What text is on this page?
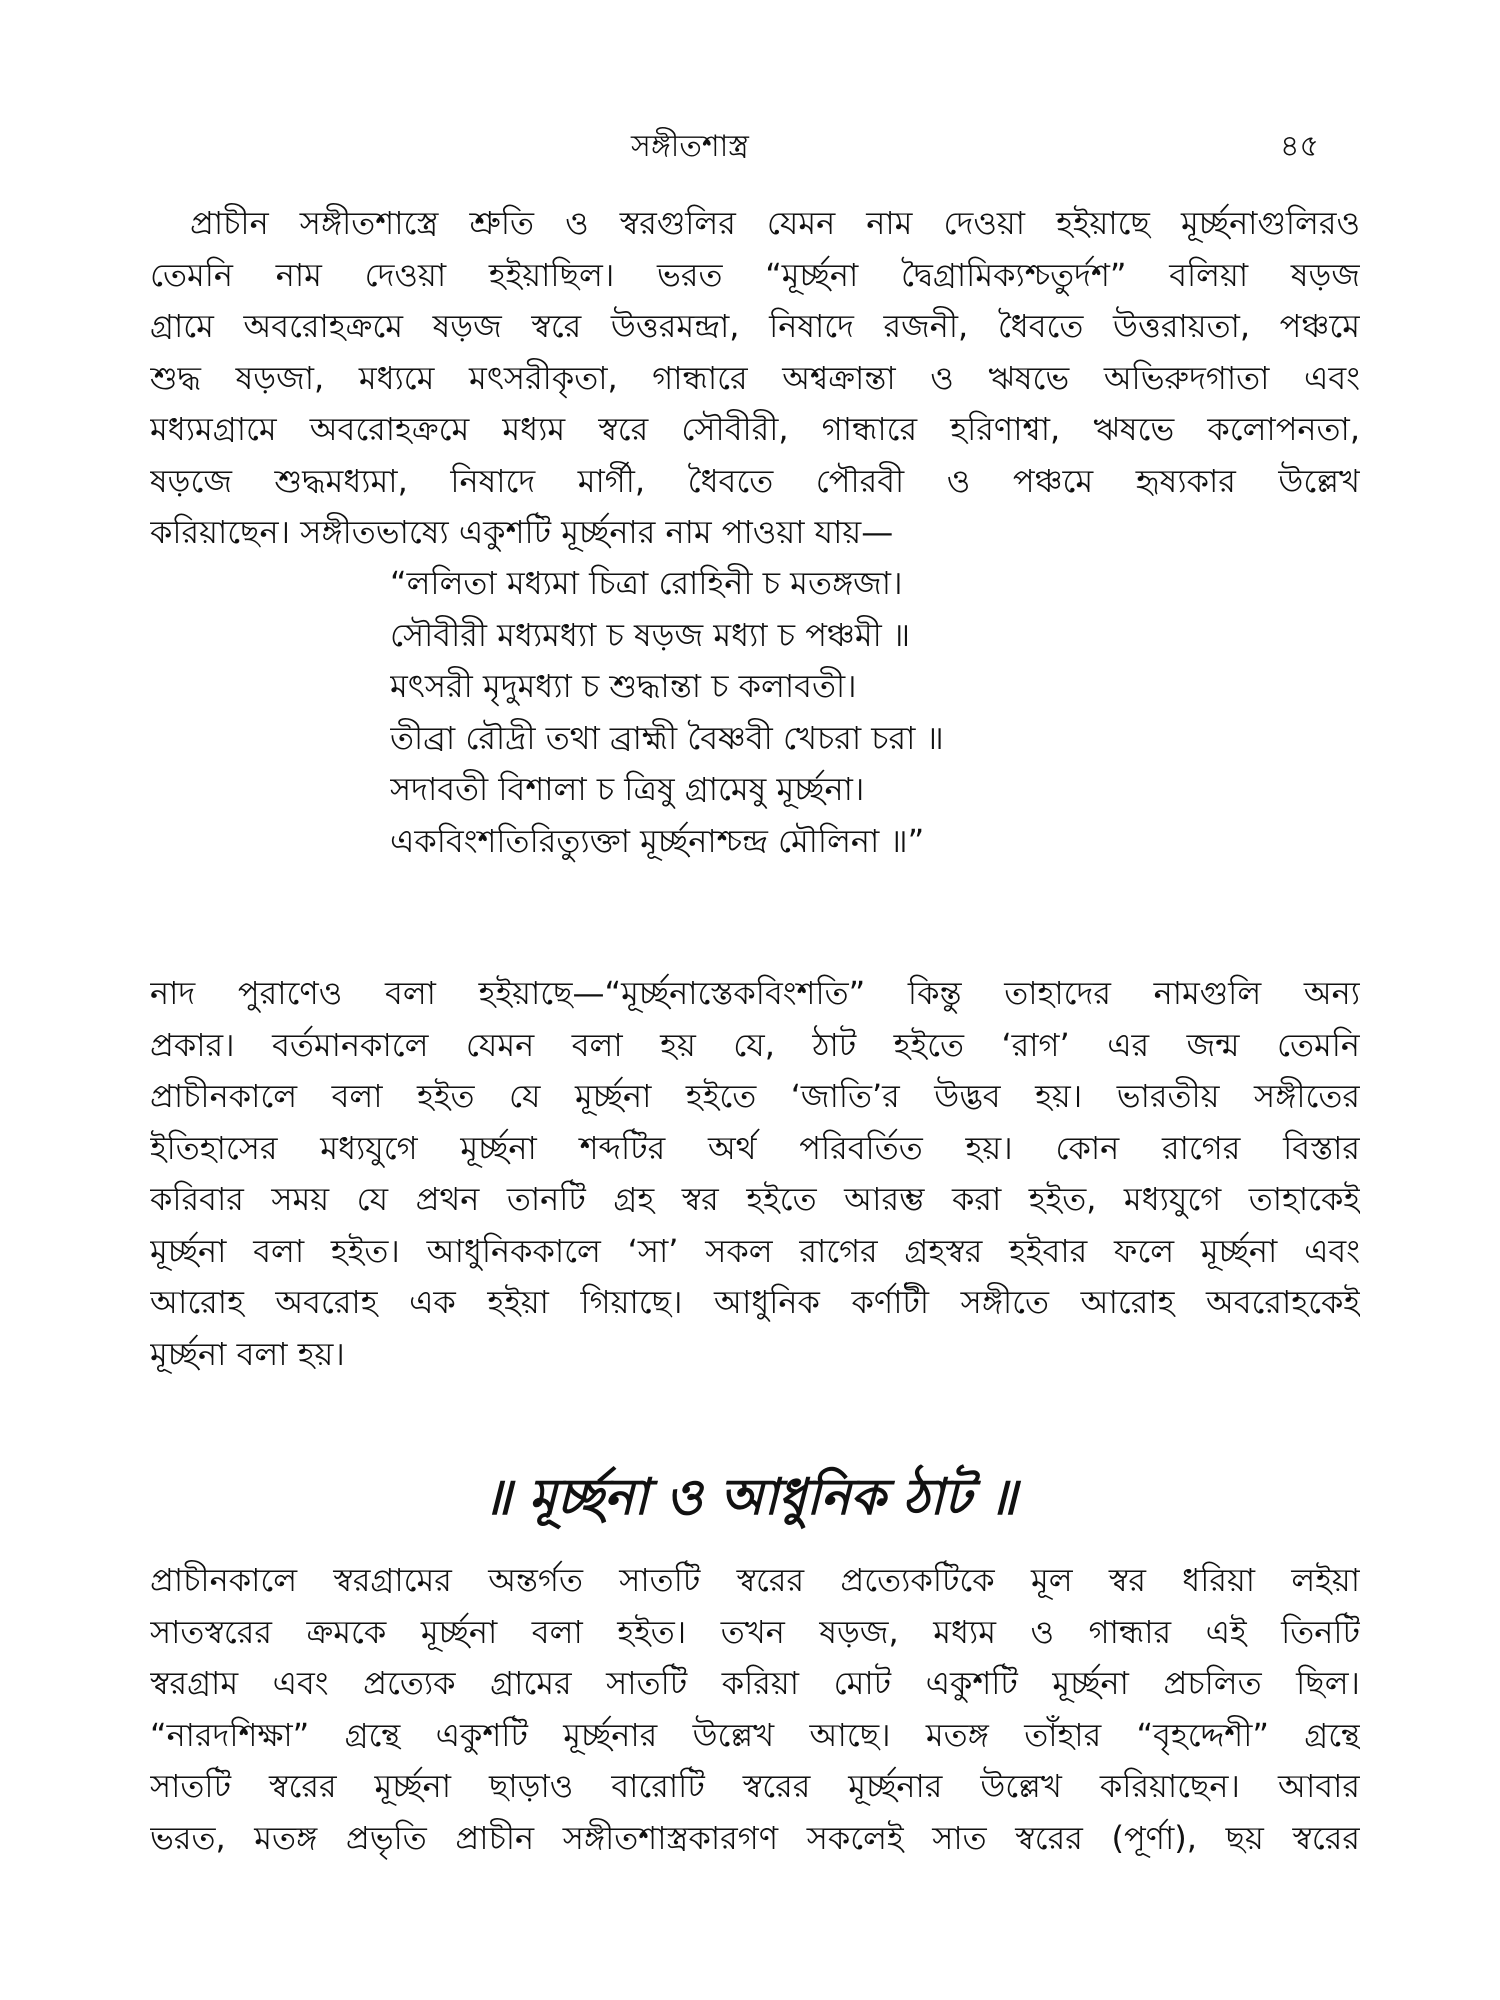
সঙ্গীতশাস্ত্র	৪৫
প্রাচীন সঙ্গীতশাস্ত্রে শ্রুতি ও স্বরগুলির যেমন নাম দেওয়া হইয়াছে মূর্চ্ছনাগুলিরও
তেমনি নাম দেওয়া হইয়াছিল। ভরত “মূর্চ্ছনা দ্বৈগ্রামিক্যশ্চতুর্দশ” বলিয়া ষড়জ
গ্রামে অবরোহক্রমে ষড়জ স্বরে উত্তরমন্দ্রা, নিষাদে রজনী, ধৈবতে উত্তরায়তা, পঞ্চমে
শুদ্ধ ষড়জা, মধ্যমে মৎসরীকৃতা, গান্ধারে অশ্বক্রান্তা ও ঋষভে অভিরুদগাতা এবং
মধ্যমগ্রামে অবরোহক্রমে মধ্যম স্বরে সৌবীরী, গান্ধারে হরিণাশ্বা, ঋষভে কলোপনতা,
ষড়জে শুদ্ধমধ্যমা, নিষাদে মার্গী, ধৈবতে পৌরবী ও পঞ্চমে হৃষ্যকার উল্লেখ
করিয়াছেন। সঙ্গীতভাষ্যে একুশটি মূর্চ্ছনার নাম পাওয়া যায়—
“ললিতা মধ্যমা চিত্রা রোহিনী চ মতঙ্গজা।
সৌবীরী মধ্যমধ্যা চ ষড়জ মধ্যা চ পঞ্চমী ॥
মৎসরী মৃদুমধ্যা চ শুদ্ধান্তা চ কলাবতী।
তীব্রা রৌদ্রী তথা ব্রাহ্মী বৈষ্ণবী খেচরা চরা ॥
সদাবতী বিশালা চ ত্রিষু গ্রামেষু মূর্চ্ছনা।
একবিংশতিরিত্যুক্তা মূর্চ্ছনাশ্চন্দ্র মৌলিনা ॥”
নাদ পুরাণেও বলা হইয়াছে—“মূর্চ্ছনাস্তেকবিংশতি” কিন্তু তাহাদের নামগুলি অন্য
প্রকার। বর্তমানকালে যেমন বলা হয় যে, ঠাট হইতে ‘রাগ’ এর জন্ম তেমনি
প্রাচীনকালে বলা হইত যে মূর্চ্ছনা হইতে ‘জাতি’র উদ্ভব হয়। ভারতীয় সঙ্গীতের
ইতিহাসের মধ্যযুগে মূর্চ্ছনা শব্দটির অর্থ পরিবর্তিত হয়। কোন রাগের বিস্তার
করিবার সময় যে প্রথন তানটি গ্রহ স্বর হইতে আরম্ভ করা হইত, মধ্যযুগে তাহাকেই
মূর্চ্ছনা বলা হইত। আধুনিককালে ‘সা’ সকল রাগের গ্রহস্বর হইবার ফলে মূর্চ্ছনা এবং
আরোহ অবরোহ এক হইয়া গিয়াছে। আধুনিক কর্ণাটী সঙ্গীতে আরোহ অবরোহকেই
মূর্চ্ছনা বলা হয়।
॥ মূর্চ্ছনা ও আধুনিক ঠাট ॥
প্রাচীনকালে স্বরগ্রামের অন্তর্গত সাতটি স্বরের প্রত্যেকটিকে মূল স্বর ধরিয়া লইয়া
সাতস্বরের ক্রমকে মূর্চ্ছনা বলা হইত। তখন ষড়জ, মধ্যম ও গান্ধার এই তিনটি
স্বরগ্রাম এবং প্রত্যেক গ্রামের সাতটি করিয়া মোট একুশটি মূর্চ্ছনা প্রচলিত ছিল।
“নারদশিক্ষা” গ্রন্থে একুশটি মূর্চ্ছনার উল্লেখ আছে। মতঙ্গ তাঁহার “বৃহদ্দেশী” গ্রন্থে
সাতটি স্বরের মূর্চ্ছনা ছাড়াও বারোটি স্বরের মূর্চ্ছনার উল্লেখ করিয়াছেন। আবার
ভরত, মতঙ্গ প্রভৃতি প্রাচীন সঙ্গীতশাস্ত্রকারগণ সকলেই সাত স্বরের (পূর্ণা), ছয় স্বরের
